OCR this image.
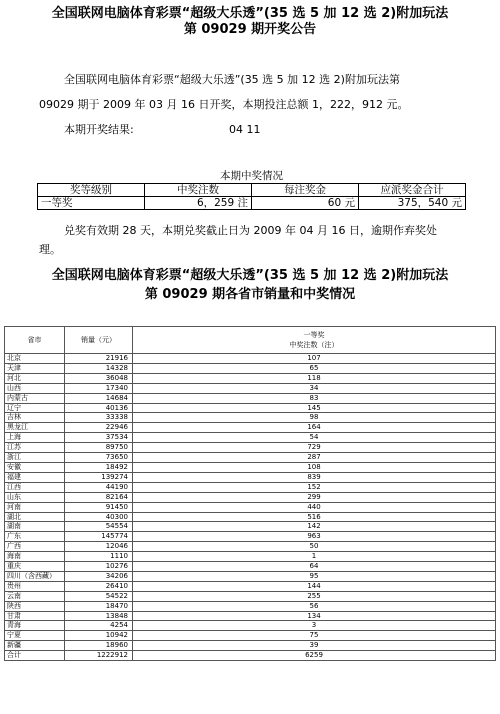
全国联网电脑体育彩票“超级大乐透”(35 选 5 加 12 选 2)附加玩法
第 09029 期开奖公告
全国联网电脑体育彩票“超级大乐透”(35 选 5 加 12 选 2)附加玩法第
09029 期于 2009 年 03 月 16 日开奖，本期投注总额 1，222，912 元。
本期开奖结果:	04 11
本期中奖情况			
奖等级别	中奖注数	每注奖金	应派奖金合计
一等奖	6，259 注	60 元	375，540 元
兑奖有效期 28 天，本期兑奖截止日为 2009 年 04 月 16 日，逾期作弃奖处
理。
全国联网电脑体育彩票“超级大乐透”(35 选 5 加 12 选 2)附加玩法
第 09029 期各省市销量和中奖情况
省市	销量（元）	一等奖
中奖注数（注）

北京	21916	107
天津	14328	65
河北	36048	118
山西	17340	34
内蒙古	14684	83
辽宁	40136	145
吉林	33338	98
黑龙江	22946	164
上海	37534	54
江苏	89750	729
浙江	73650	287
安徽	18492	108
福建	139274	839
江西	44190	152
山东	82164	299
河南	91450	440
湖北	40300	516
湖南	54554	142
广东	145774	963
广西	12046	50
海南	1110	1
重庆	10276	64
四川（含西藏）	34206	95
贵州	26410	144
云南	54522	255
陕西	18470	56
甘肃	13848	134
青海	4254	3
宁夏	10942	75
新疆	18960	39
合计	1222912	6259
